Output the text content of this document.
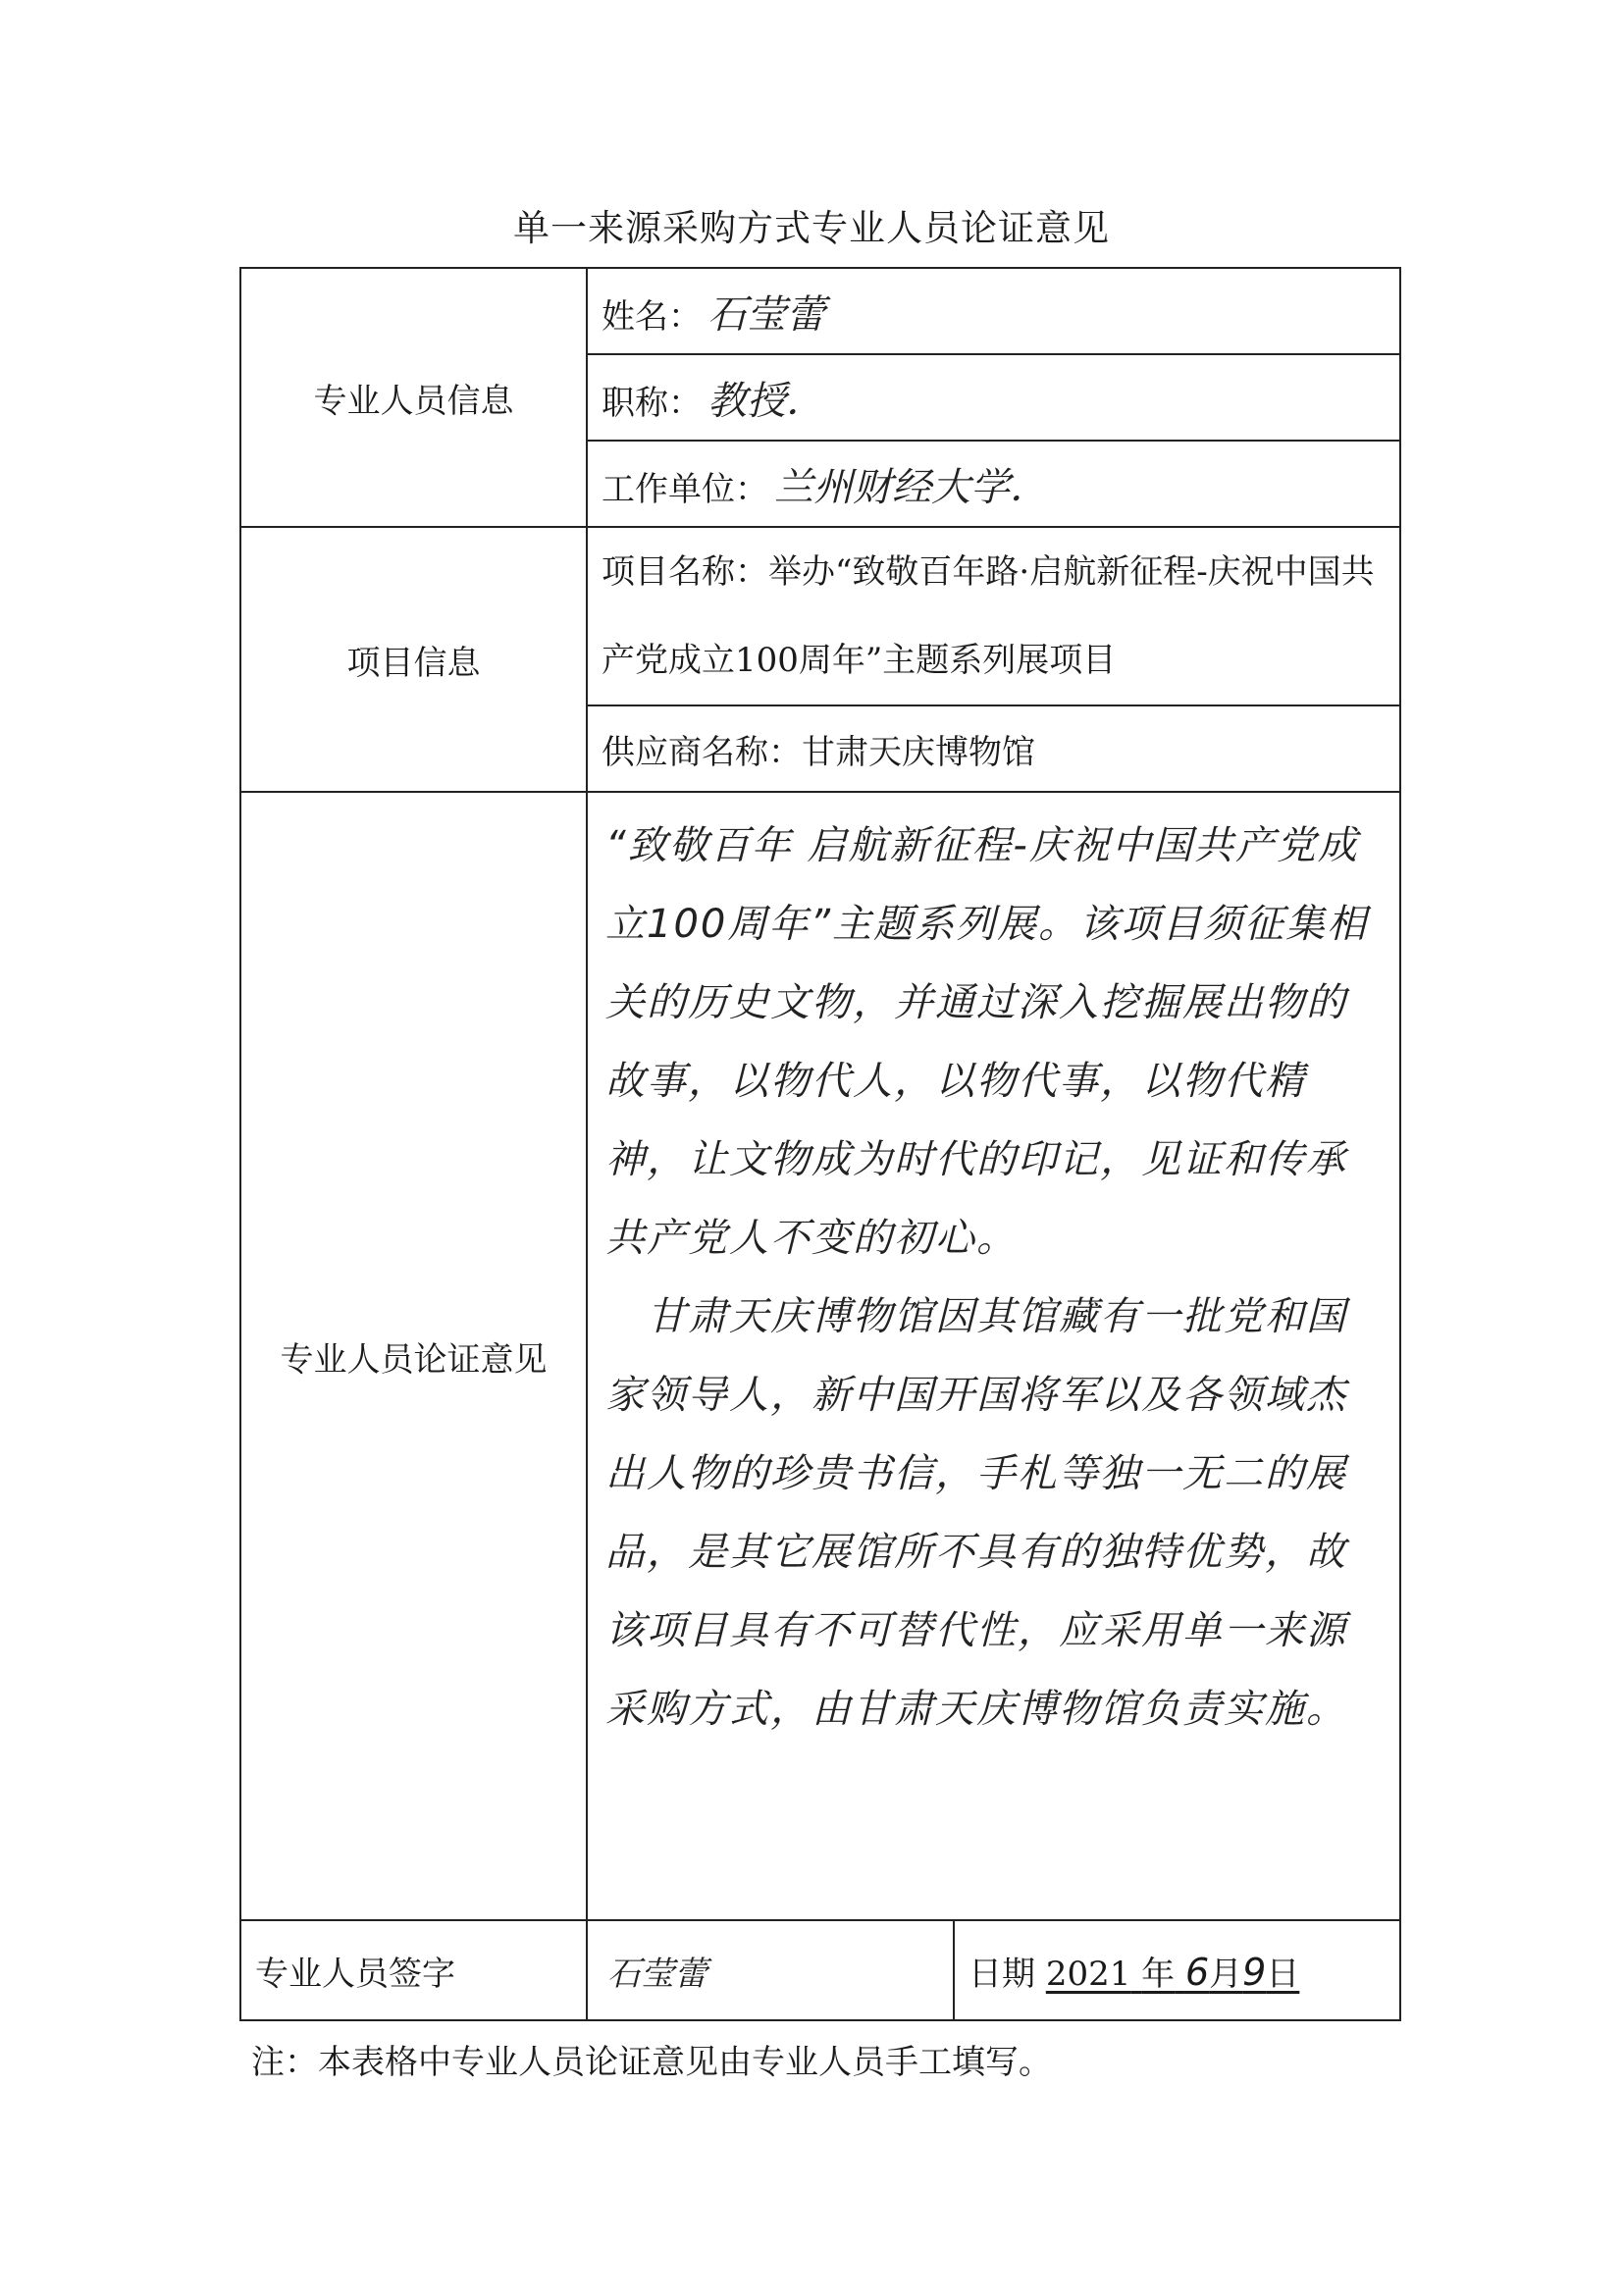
单一来源采购方式专业人员论证意见
专业人员信息	姓名： 石莹蕾	
	职称： 教授．	
	工作单位： 兰州财经大学．	
项目信息	项目名称：举办“致敬百年路·启航新征程-庆祝中国共产党成立100周年”主题系列展项目	
	供应商名称：甘肃天庆博物馆	
专业人员论证意见	“致敬百年 启航新征程-庆祝中国共产党成立100周年”主题系列展。该项目须征集相关的历史文物，并通过深入挖掘展出物的故事，以物代人，以物代事，以物代精神，让文物成为时代的印记，见证和传承共产党人不变的初心。
　甘肃天庆博物馆因其馆藏有一批党和国家领导人，新中国开国将军以及各领域杰出人物的珍贵书信，手札等独一无二的展品，是其它展馆所不具有的独特优势，故该项目具有不可替代性，应采用单一来源采购方式，由甘肃天庆博物馆负责实施。	

专业人员签字	石莹蕾	日期 2021 年 6月9日
注：本表格中专业人员论证意见由专业人员手工填写。
